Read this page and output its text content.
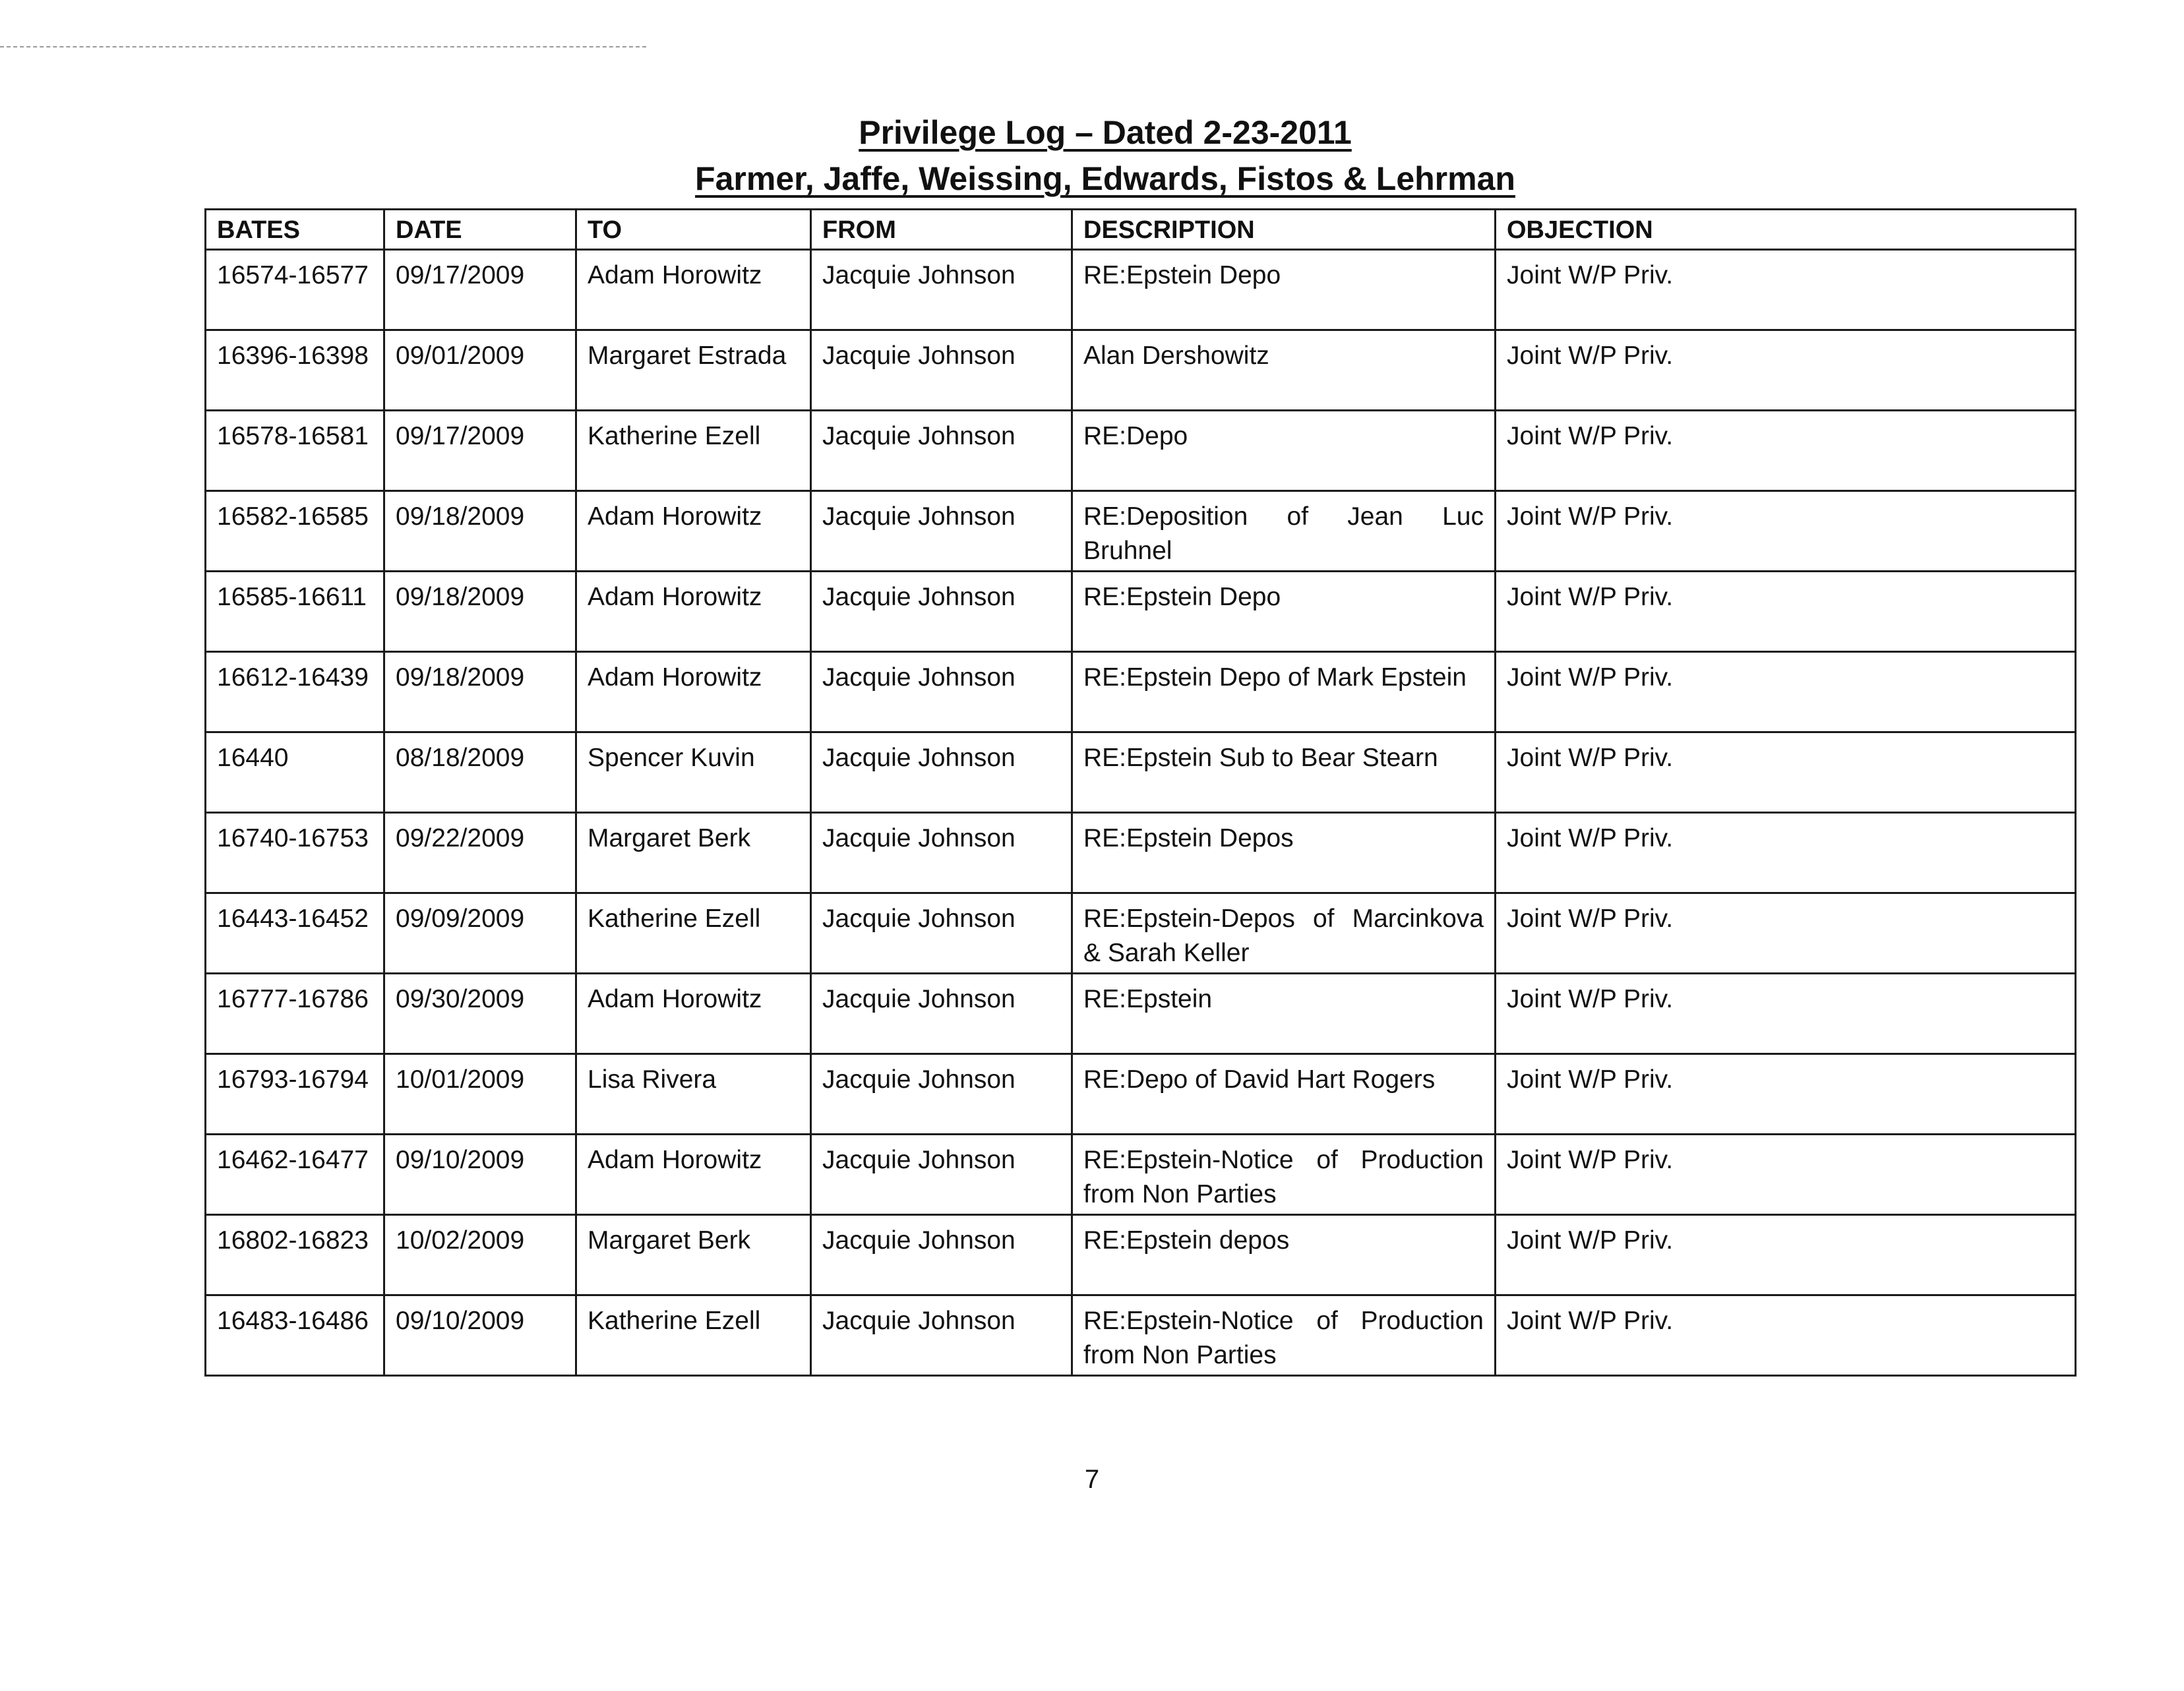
Privilege Log – Dated 2-23-2011
Farmer, Jaffe, Weissing, Edwards, Fistos & Lehrman
BATES	DATE	TO	FROM	DESCRIPTION	OBJECTION
16574-16577	09/17/2009	Adam Horowitz	Jacquie Johnson	RE:Epstein Depo	Joint W/P Priv.
16396-16398	09/01/2009	Margaret Estrada	Jacquie Johnson	Alan Dershowitz	Joint W/P Priv.
16578-16581	09/17/2009	Katherine Ezell	Jacquie Johnson	RE:Depo	Joint W/P Priv.
16582-16585	09/18/2009	Adam Horowitz	Jacquie Johnson	RE:Deposition of Jean Luc Bruhnel	Joint W/P Priv.
16585-16611	09/18/2009	Adam Horowitz	Jacquie Johnson	RE:Epstein Depo	Joint W/P Priv.
16612-16439	09/18/2009	Adam Horowitz	Jacquie Johnson	RE:Epstein Depo of Mark Epstein	Joint W/P Priv.
16440	08/18/2009	Spencer Kuvin	Jacquie Johnson	RE:Epstein Sub to Bear Stearn	Joint W/P Priv.
16740-16753	09/22/2009	Margaret Berk	Jacquie Johnson	RE:Epstein Depos	Joint W/P Priv.
16443-16452	09/09/2009	Katherine Ezell	Jacquie Johnson	RE:Epstein-Depos of Marcinkova & Sarah Keller	Joint W/P Priv.
16777-16786	09/30/2009	Adam Horowitz	Jacquie Johnson	RE:Epstein	Joint W/P Priv.
16793-16794	10/01/2009	Lisa Rivera	Jacquie Johnson	RE:Depo of David Hart Rogers	Joint W/P Priv.
16462-16477	09/10/2009	Adam Horowitz	Jacquie Johnson	RE:Epstein-Notice of Production from Non Parties	Joint W/P Priv.
16802-16823	10/02/2009	Margaret Berk	Jacquie Johnson	RE:Epstein depos	Joint W/P Priv.
16483-16486	09/10/2009	Katherine Ezell	Jacquie Johnson	RE:Epstein-Notice of Production from Non Parties	Joint W/P Priv.
7
